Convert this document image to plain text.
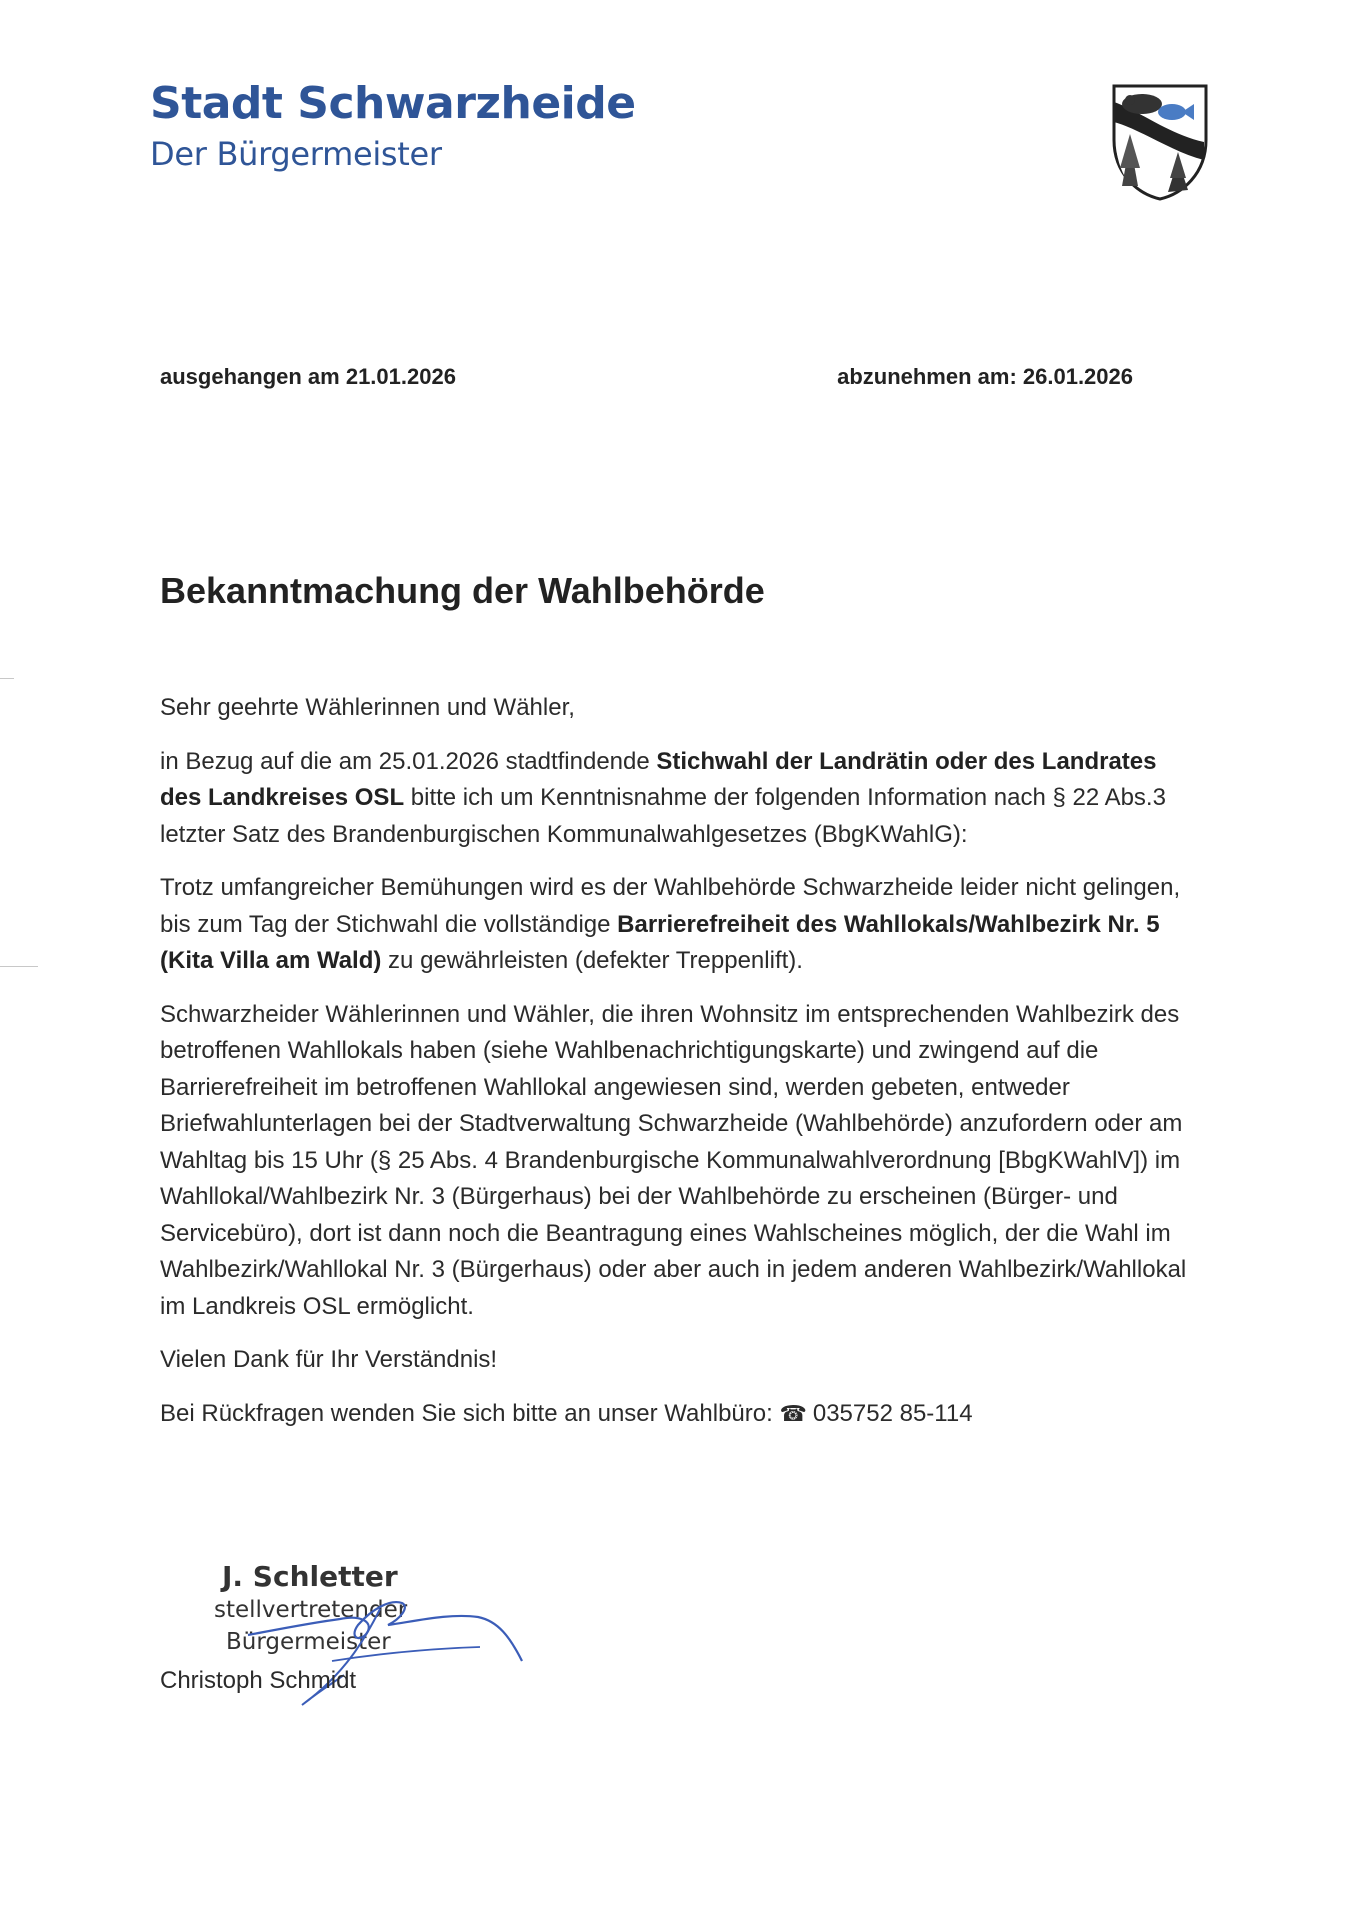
Stadt Schwarzheide
Der Bürgermeister
ausgehangen am 21.01.2026	abzunehmen am: 26.01.2026
Bekanntmachung der Wahlbehörde

Sehr geehrte Wählerinnen und Wähler,

in Bezug auf die am 25.01.2026 stadtfindende Stichwahl der Landrätin oder des Landrates des Landkreises OSL bitte ich um Kenntnisnahme der folgenden Information nach § 22 Abs.3 letzter Satz des Brandenburgischen Kommunalwahlgesetzes (BbgKWahlG):

Trotz umfangreicher Bemühungen wird es der Wahlbehörde Schwarzheide leider nicht gelingen, bis zum Tag der Stichwahl die vollständige Barrierefreiheit des Wahllokals/Wahlbezirk Nr. 5 (Kita Villa am Wald) zu gewährleisten (defekter Treppenlift).

Schwarzheider Wählerinnen und Wähler, die ihren Wohnsitz im entsprechenden Wahlbezirk des betroffenen Wahllokals haben (siehe Wahlbenachrichtigungskarte) und zwingend auf die Barrierefreiheit im betroffenen Wahllokal angewiesen sind, werden gebeten, entweder Briefwahlunterlagen bei der Stadtverwaltung Schwarzheide (Wahlbehörde) anzufordern oder am Wahltag bis 15 Uhr (§ 25 Abs. 4 Brandenburgische Kommunalwahlverordnung [BbgKWahlV]) im Wahllokal/Wahlbezirk Nr. 3 (Bürgerhaus) bei der Wahlbehörde zu erscheinen (Bürger- und Servicebüro), dort ist dann noch die Beantragung eines Wahlscheines möglich, der die Wahl im Wahlbezirk/Wahllokal Nr. 3 (Bürgerhaus) oder aber auch in jedem anderen Wahlbezirk/Wahllokal im Landkreis OSL ermöglicht.

Vielen Dank für Ihr Verständnis!

Bei Rückfragen wenden Sie sich bitte an unser Wahlbüro: ☎ 035752 85-114

J. Schletter
stellvertretender
Bürgermeister
Christoph Schmidt
